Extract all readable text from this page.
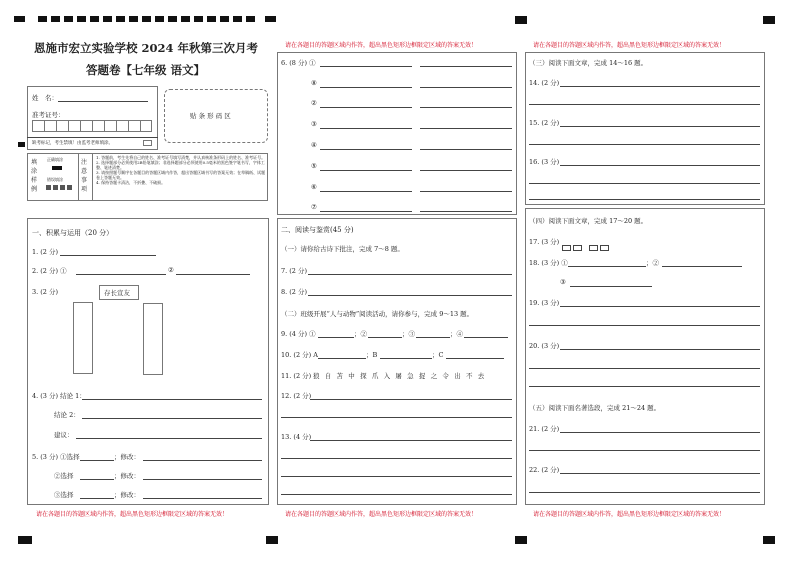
恩施市宏立实验学校 2024 年秋第三次月考
答题卷【七年级 语文】
姓　名：
准考证号：
缺考标记，考生禁填！由监考老师填涂。
贴 条 形 码 区
填涂样例
正确填涂
错误填涂
注意事项
1. 答题前，考生先将自己的姓名、准考证号填写清楚，并认真核准条形码上的姓名、准考证号。
2. 选择题部分必须使用2B铅笔填涂；非选择题部分必须使用0.5毫米的黑色签字笔书写，字体工整、笔迹清楚。
3. 请按照题号顺序在各题目的答题区域内作答，超出答题区域书写的答案无效；在草稿纸、试题卷上答题无效。
4. 保持答题卡清洁，不折叠、不破损。
请在各题目的答题区域内作答，超出黑色矩形边框限定区域的答案无效！	请在各题目的答题区域内作答，超出黑色矩形边框限定区域的答案无效！
请在各题目的答题区域内作答，超出黑色矩形边框限定区域的答案无效！	请在各题目的答题区域内作答，超出黑色矩形边框限定区域的答案无效！	请在各题目的答题区域内作答，超出黑色矩形边框限定区域的答案无效！
一、积累与运用（20 分）
1. (2 分)
2. (2 分) ①	②
3. (2 分)	存长宣友
4. (3 分) 结论 1：
结论 2：
建议：
5. (3 分) ①选择	；修改：
②选择	；修改：
③选择	；修改：
6. (8 分) ①
②
③
④
⑤
⑥
⑦
⑧
二、阅读与鉴赏(45 分)
（一）请你给古诗下批注，完成 7～8 题。
7. (2 分)
8. (2 分)
（二）班级开展“人与动物”阅读活动，请你参与，完成 9～13 题。
9. (4 分) ①	；②	；③	；④
10. (2 分) A	；B	；C
11. (2 分) 狼 自 苫 中 探 爪 入 屠 急 捉 之 令 出 不 去
12. (2 分)
13. (4 分)
（三）阅读下面文章，完成 14～16 题。
14. (2 分)
15. (2 分)
16. (3 分)
（四）阅读下面文章，完成 17～20 题。
17. (3 分)

18. (3 分) ①	；②
③
19. (3 分)
20. (3 分)
（五）阅读下面名著选段，完成 21～24 题。
21. (2 分)
22. (2 分)
